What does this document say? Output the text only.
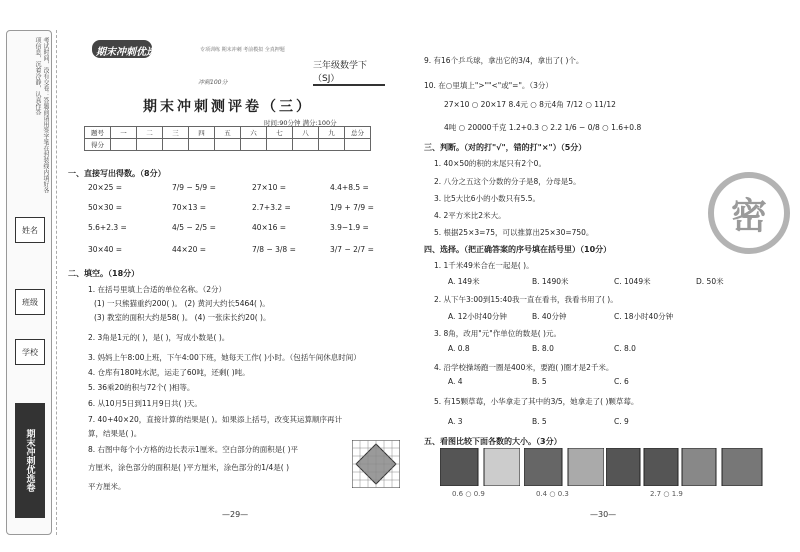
考试时间，没有交卷：答题前请用签字笔在封装线内填好各项信息，沉着冷静，认真作答
姓名
班级
学校
期末冲刺优选卷
期末冲刺优选卷	专项训练 期末冲刺 考前模拟 全真押题
三年级数学下（SJ）
冲刺100分
期末冲刺测评卷（三）
时间:90分钟 满分:100分
题号	一	二	三	四	五	六	七	八	九	总分
得分										
一、直接写出得数。（8分）
20×25 =	7/9 − 5/9 =	27×10 =	4.4+8.5 =
50×30 =	70×13 =	2.7+3.2 =	1/9 + 7/9 =
5.6+2.3 =	4/5 − 2/5 =	40×16 =	3.9−1.9 =
30×40 =	44×20 =	7/8 − 3/8 =	3/7 − 2/7 =
二、填空。（18分）
1. 在括号里填上合适的单位名称。（2分）
(1) 一只熊猫重约200( )。 (2) 黄河大约长5464( )。
(3) 教室的面积大约是58( )。 (4) 一张床长约20( )。
2. 3角是1元的( )，是( )，写成小数是( )。
3. 妈妈上午8:00上班，下午4:00下班，她每天工作( )小时。（包括午间休息时间）
4. 仓库有180吨水泥，运走了60吨，还剩( )吨。
5. 36乘20的积与72个( )相等。
6. 从10月5日到11月9日共( )天。
7. 40+40×20，直接计算的结果是( )。如果添上括号，改变其运算顺序再计
算，结果是( )。
8. 右图中每个小方格的边长表示1厘米。空白部分的面积是( )平
方厘米，涂色部分的面积是( )平方厘米，涂色部分的1/4是( )
平方厘米。
—29—
9. 有16个乒乓球，拿出它的3/4，拿出了( )个。
10. 在○里填上">""<"或"="。（3分）
27×10 ○ 20×17 8.4元 ○ 8元4角 7/12 ○ 11/12
4吨 ○ 20000千克 1.2+0.3 ○ 2.2 1/6 − 0/8 ○ 1.6+0.8
三、判断。（对的打"√"，错的打"×"）（5分）
1. 40×50的积的末尾只有2个0。
2. 八分之五这个分数的分子是8，分母是5。
3. 比5大比6小的小数只有5.5。
4. 2平方米比2米大。
5. 根据25×3=75，可以推算出25×30=750。	密
四、选择。（把正确答案的序号填在括号里）（10分）
1. 1千米49米合在一起是( )。
A. 149米	B. 1490米	C. 1049米	D. 50米
2. 从下午3:00到15:40我一直在看书，我看书用了( )。
A. 12小时40分钟	B. 40分钟	C. 18小时40分钟
3. 8角，改用"元"作单位的数是( )元。
A. 0.8	B. 8.0	C. 8.0
4. 沿学校操场跑一圈是400米，要跑( )圈才是2千米。
A. 4	B. 5	C. 6
5. 有15颗草莓，小华拿走了其中的3/5，她拿走了( )颗草莓。
A. 3	B. 5	C. 9
五、看图比较下面各数的大小。（3分）
0.6 ○ 0.9	0.4 ○ 0.3	2.7 ○ 1.9
—30—
